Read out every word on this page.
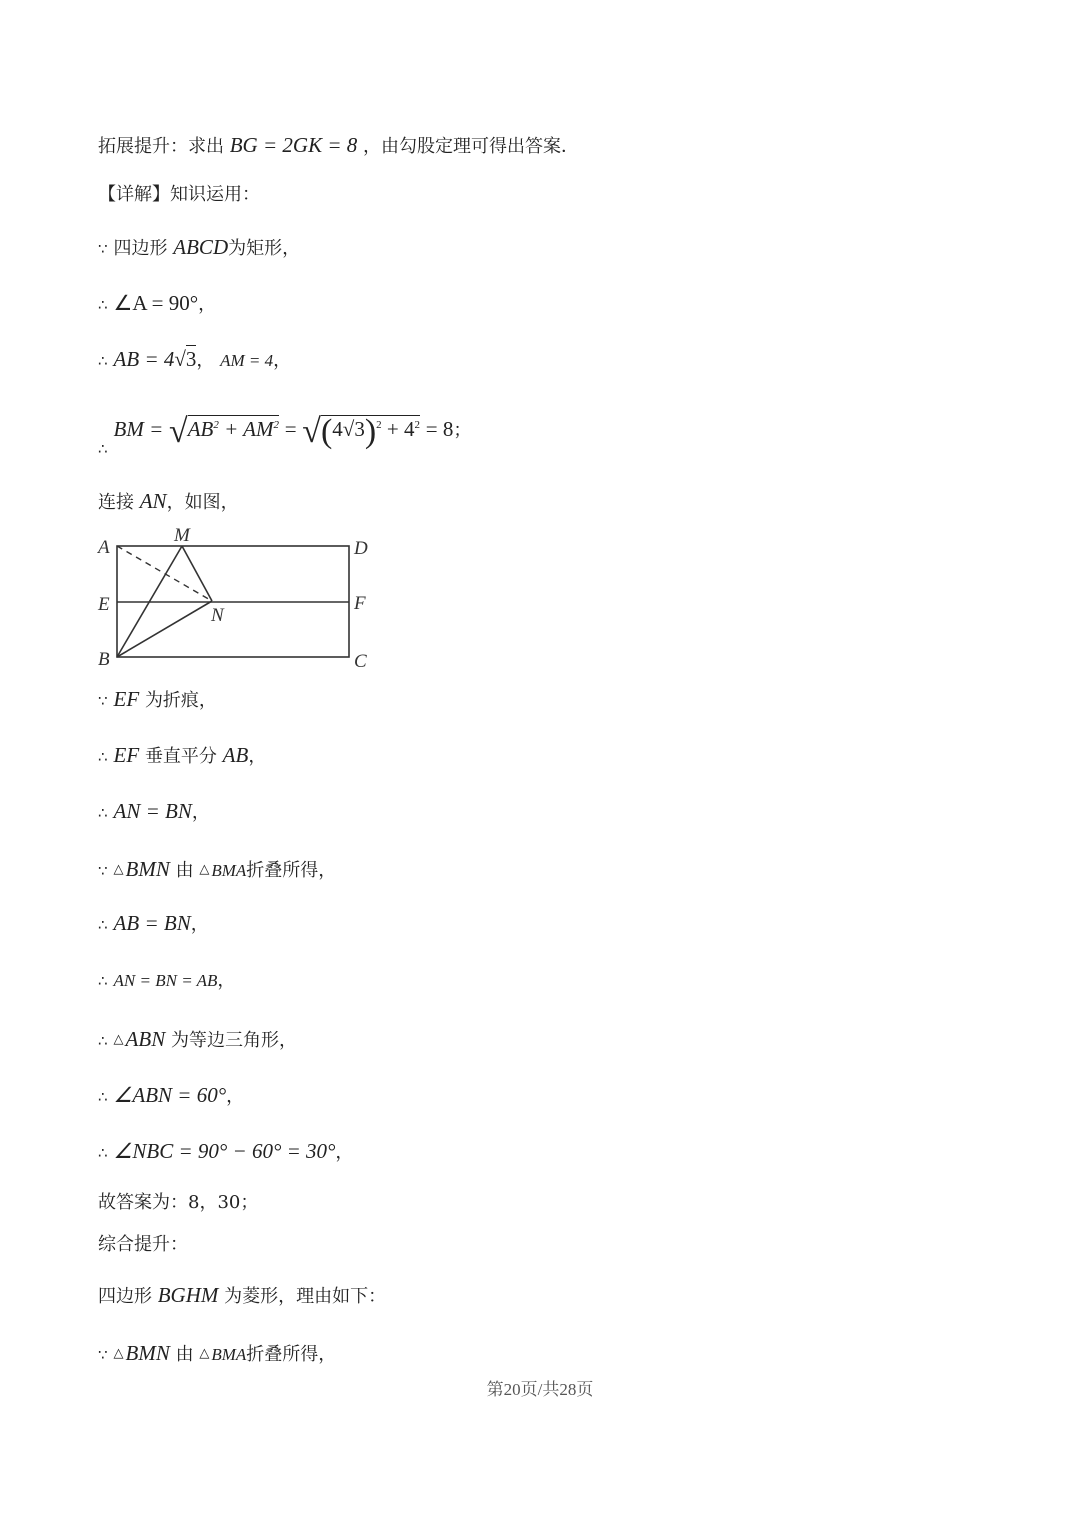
拓展提升：求出 BG = 2GK = 8 ，由勾股定理可得出答案．
【详解】知识运用：
∵ 四边形 ABCD为矩形，
∴ ∠A = 90°，
∴ AB = 4√3， AM = 4，
$_\therefore BM = √AB^2 + AM^2 = √(4√3)^2 + 4^2 = 8$；
连接 AN，如图，
A
M
D
E
N
F
B	C
∵ EF 为折痕，
∴ EF 垂直平分 AB，
∴ AN = BN，
∵ △BMN 由 △ BMA折叠所得，
∴ AB = BN，
∴ AN = BN = AB，
∴ △ABN 为等边三角形，
∴ ∠ABN = 60°，
∴ ∠NBC = 90° − 60° = 30°，
故答案为：8，30；
综合提升：
四边形 BGHM 为菱形，理由如下：
∵ △BMN 由 △ BMA折叠所得，
第20页/共28页
